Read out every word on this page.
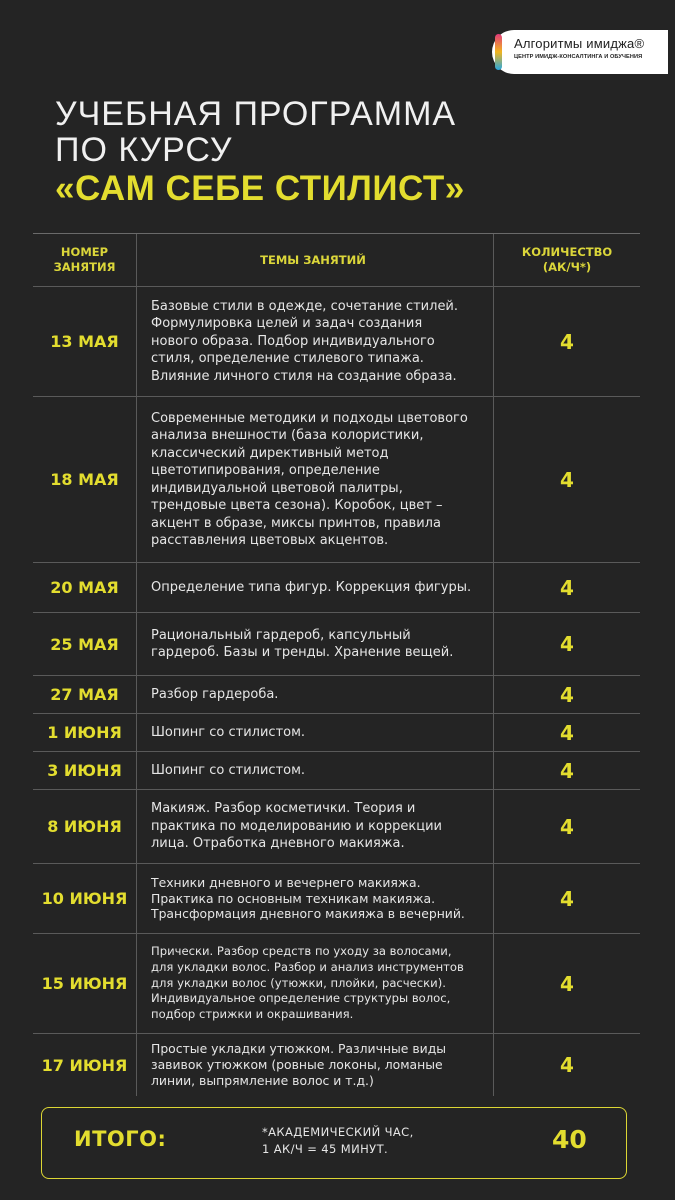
Алгоритмы имиджа®
ЦЕНТР ИМИДЖ-КОНСАЛТИНГА И ОБУЧЕНИЯ
УЧЕБНАЯ ПРОГРАММА
ПО КУРСУ
«САМ СЕБЕ СТИЛИСТ»
НОМЕР
ЗАНЯТИЯ
ТЕМЫ ЗАНЯТИЙ
КОЛИЧЕСТВО
(АК/Ч*)
13 МАЯ
Базовые стили в одежде, сочетание стилей.
Формулировка целей и задач создания
нового образа. Подбор индивидуального
стиля, определение стилевого типажа.
Влияние личного стиля на создание образа.
4
18 МАЯ
Современные методики и подходы цветового
анализа внешности (база колористики,
классический директивный метод
цветотипирования, определение
индивидуальной цветовой палитры,
трендовые цвета сезона). Коробок, цвет –
акцент в образе, миксы принтов, правила
расставления цветовых акцентов.
4
20 МАЯ Определение типа фигур. Коррекция фигуры.	4
25 МАЯ Рациональный гардероб, капсульный
гардероб. Базы и тренды. Хранение вещей.	4
27 МАЯ Разбор гардероба.	4
1 ИЮНЯ Шопинг со стилистом.	4
3 ИЮНЯ Шопинг со стилистом.	4
8 ИЮНЯ
Макияж. Разбор косметички. Теория и
практика по моделированию и коррекции
лица. Отработка дневного макияжа.
4
10 ИЮНЯ
Техники дневного и вечернего макияжа.
Практика по основным техникам макияжа.
Трансформация дневного макияжа в вечерний.
4
15 ИЮНЯ
Прически. Разбор средств по уходу за волосами,
для укладки волос. Разбор и анализ инструментов
для укладки волос (утюжки, плойки, расчески).
Индивидуальное определение структуры волос,
подбор стрижки и окрашивания.
4
17 ИЮНЯ
Простые укладки утюжком. Различные виды
завивок утюжком (ровные локоны, ломаные
линии, выпрямление волос и т.д.)
4
ИТОГО:	*АКАДЕМИЧЕСКИЙ ЧАС,
1 АК/Ч = 45 МИНУТ.	40
